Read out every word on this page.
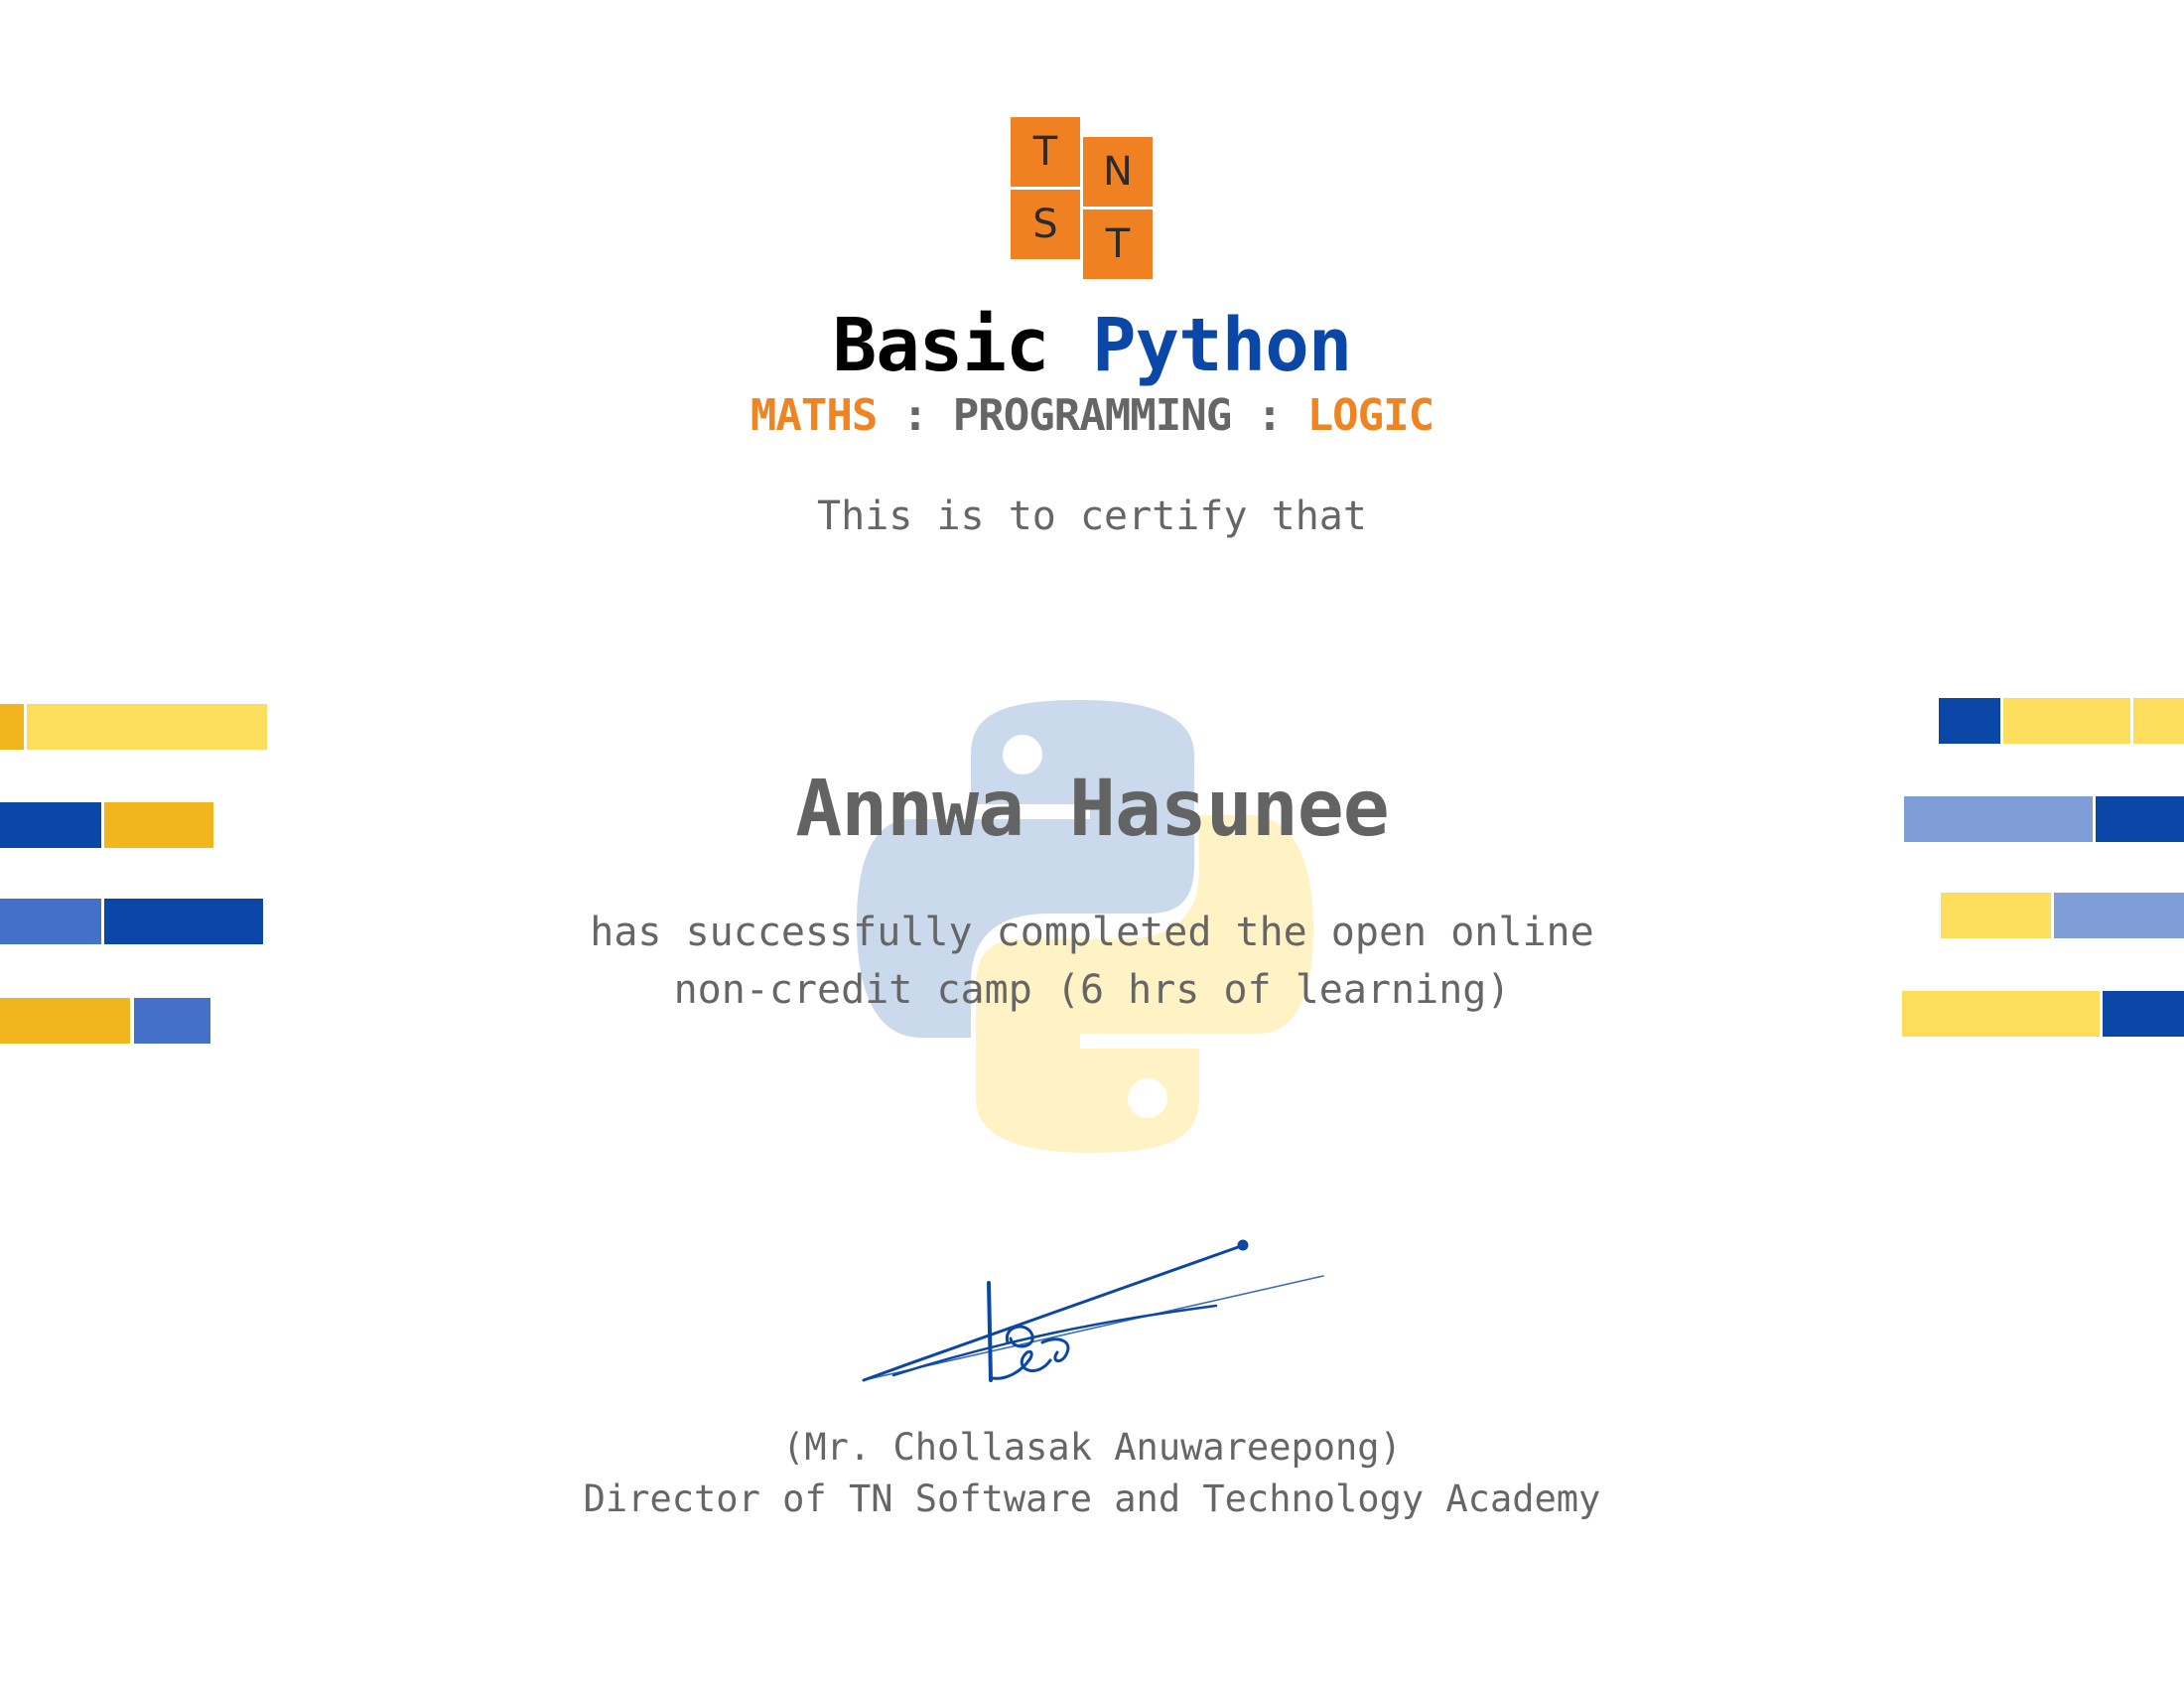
T	N
S	T
Basic Python
MATHS : PROGRAMMING : LOGIC
This is to certify that
Annwa Hasunee
has successfully completed the open online
non-credit camp (6 hrs of learning)
(Mr. Chollasak Anuwareepong)
Director of TN Software and Technology Academy
